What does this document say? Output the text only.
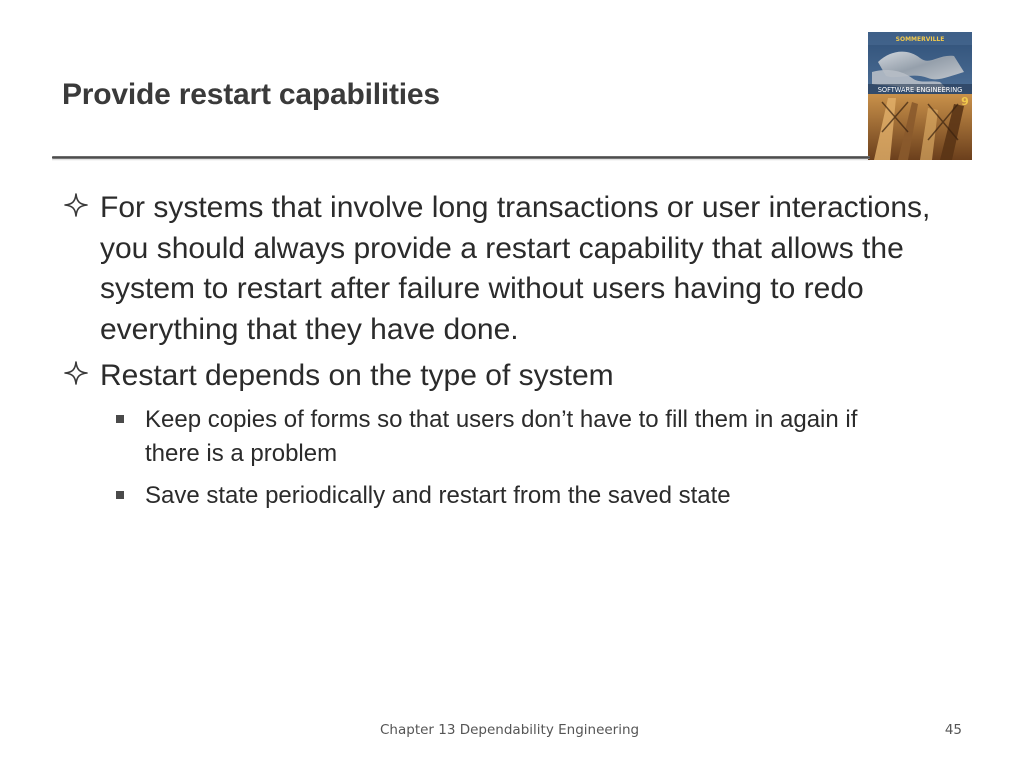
Provide restart capabilities
SOMMERVILLE
SOFTWARE ENGINEERING
9
For systems that involve long transactions or user interactions, you should always provide a restart capability that allows the system to restart after failure without users having to redo everything that they have done.
Restart depends on the type of system
Keep copies of forms so that users don’t have to fill them in again if there is a problem
Save state periodically and restart from the saved state
Chapter 13 Dependability Engineering	45
